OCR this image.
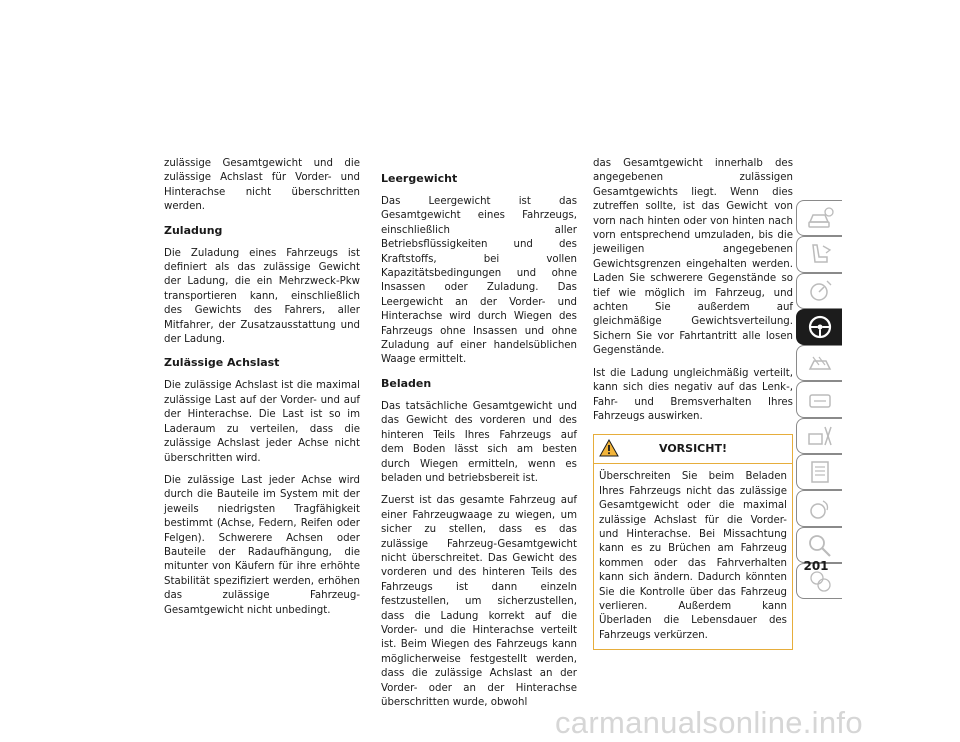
zulässige Gesamtgewicht und die zulässige Achslast für Vorder- und Hinterachse nicht überschritten werden.

Zuladung

Die Zuladung eines Fahrzeugs ist definiert als das zulässige Gewicht der Ladung, die ein Mehrzweck-Pkw transportieren kann, einschließlich des Gewichts des Fahrers, aller Mitfahrer, der Zusatzausstattung und der Ladung.

Zulässige Achslast

Die zulässige Achslast ist die maximal zulässige Last auf der Vorder- und auf der Hinterachse. Die Last ist so im Laderaum zu verteilen, dass die zulässige Achslast jeder Achse nicht überschritten wird.

Die zulässige Last jeder Achse wird durch die Bauteile im System mit der jeweils niedrigsten Tragfähigkeit bestimmt (Achse, Federn, Reifen oder Felgen). Schwerere Achsen oder Bauteile der Radaufhängung, die mitunter von Käufern für ihre erhöhte Stabilität spezifiziert werden, erhöhen das zulässige Fahrzeug-Gesamtgewicht nicht unbedingt.

Leergewicht

Das Leergewicht ist das Gesamtgewicht eines Fahrzeugs, einschließlich aller Betriebsflüssigkeiten und des Kraftstoffs, bei vollen Kapazitätsbedingungen und ohne Insassen oder Zuladung. Das Leergewicht an der Vorder- und Hinterachse wird durch Wiegen des Fahrzeugs ohne Insassen und ohne Zuladung auf einer handelsüblichen Waage ermittelt.

Beladen

Das tatsächliche Gesamtgewicht und das Gewicht des vorderen und des hinteren Teils Ihres Fahrzeugs auf dem Boden lässt sich am besten durch Wiegen ermitteln, wenn es beladen und betriebsbereit ist.

Zuerst ist das gesamte Fahrzeug auf einer Fahrzeugwaage zu wiegen, um sicher zu stellen, dass es das zulässige Fahrzeug-Gesamtgewicht nicht überschreitet. Das Gewicht des vorderen und des hinteren Teils des Fahrzeugs ist dann einzeln festzustellen, um sicherzustellen, dass die Ladung korrekt auf die Vorder- und die Hinterachse verteilt ist. Beim Wiegen des Fahrzeugs kann möglicherweise festgestellt werden, dass die zulässige Achslast an der Vorder- oder an der Hinterachse überschritten wurde, obwohl

das Gesamtgewicht innerhalb des angegebenen zulässigen Gesamtgewichts liegt. Wenn dies zutreffen sollte, ist das Gewicht von vorn nach hinten oder von hinten nach vorn entsprechend umzuladen, bis die jeweiligen angegebenen Gewichtsgrenzen eingehalten werden. Laden Sie schwerere Gegenstände so tief wie möglich im Fahrzeug, und achten Sie außerdem auf gleichmäßige Gewichtsverteilung. Sichern Sie vor Fahrtantritt alle losen Gegenstände.

Ist die Ladung ungleichmäßig verteilt, kann sich dies negativ auf das Lenk-, Fahr- und Bremsverhalten Ihres Fahrzeugs auswirken.

VORSICHT!

Überschreiten Sie beim Beladen Ihres Fahrzeugs nicht das zulässige Gesamtgewicht oder die maximal zulässige Achslast für die Vorder- und Hinterachse. Bei Missachtung kann es zu Brüchen am Fahrzeug kommen oder das Fahrverhalten kann sich ändern. Dadurch könnten Sie die Kontrolle über das Fahrzeug verlieren. Außerdem kann Überladen die Lebensdauer des Fahrzeugs verkürzen.

201
carmanualsonline.info
